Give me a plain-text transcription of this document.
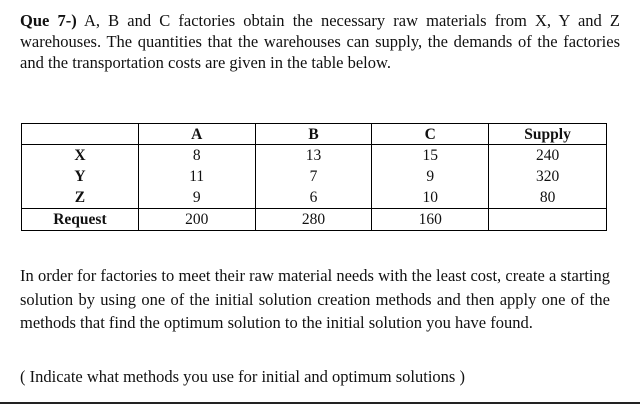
Que 7-) A, B and C factories obtain the necessary raw materials from X, Y and Z warehouses. The quantities that the warehouses can supply, the demands of the factories and the transportation costs are given in the table below.
	A	B	C	Supply
X	8	13	15	240
Y	11	7	9	320
Z	9	6	10	80
Request	200	280	160	
In order for factories to meet their raw material needs with the least cost, create a starting solution by using one of the initial solution creation methods and then apply one of the methods that find the optimum solution to the initial solution you have found.
( Indicate what methods you use for initial and optimum solutions )
